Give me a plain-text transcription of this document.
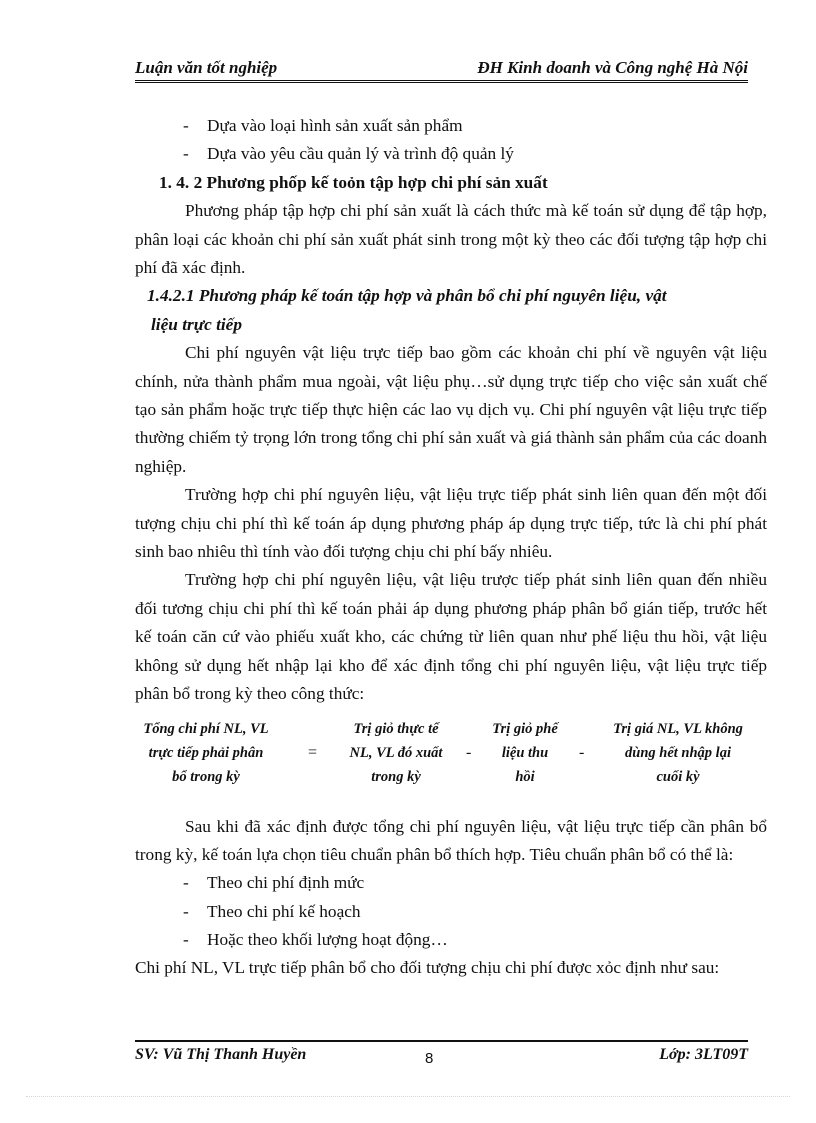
Luận văn tốt nghiệp	ĐH Kinh doanh và Công nghệ Hà Nội

- Dựa vào loại hình sản xuất sản phẩm

- Dựa vào yêu cầu quản lý và trình độ quản lý

1. 4. 2 Phương phốp kế toỏn tập hợp chi phí sản xuất

Phương pháp tập hợp chi phí sản xuất là cách thức mà kế toán sử dụng để tập hợp, phân loại các khoản chi phí sản xuất phát sinh trong một kỳ theo các đối tượng tập hợp chi phí đã xác định.

1.4.2.1 Phương pháp kế toán tập hợp và phân bổ chi phí nguyên liệu, vật
liệu trực tiếp

Chi phí nguyên vật liệu trực tiếp bao gồm các khoản chi phí về nguyên vật liệu chính, nửa thành phẩm mua ngoài, vật liệu phụ…sử dụng trực tiếp cho việc sản xuất chế tạo sản phẩm hoặc trực tiếp thực hiện các lao vụ dịch vụ. Chi phí nguyên vật liệu trực tiếp thường chiếm tỷ trọng lớn trong tổng chi phí sản xuất và giá thành sản phẩm của các doanh nghiệp.

Trường hợp chi phí nguyên liệu, vật liệu trực tiếp phát sinh liên quan đến một đối tượng chịu chi phí thì kế toán áp dụng phương pháp áp dụng trực tiếp, tức là chi phí phát sinh bao nhiêu thì tính vào đối tượng chịu chi phí bấy nhiêu.

Trường hợp chi phí nguyên liệu, vật liệu trược tiếp phát sinh liên quan đến nhiều đối tương chịu chi phí thì kế toán phải áp dụng phương pháp phân bổ gián tiếp, trước hết kế toán căn cứ vào phiếu xuất kho, các chứng từ liên quan như phế liệu thu hồi, vật liệu không sử dụng hết nhập lại kho để xác định tổng chi phí nguyên liệu, vật liệu trực tiếp phân bổ trong kỳ theo công thức:

Tổng chi phí NL, VL
trực tiếp phải phân
bổ trong kỳ
=
Trị giỏ thực tế
NL, VL đó xuất
trong kỳ
-
Trị giỏ phế
liệu thu
hồi
-
Trị giá NL, VL không
dùng hết nhập lại
cuối kỳ

Sau khi đã xác định được tổng chi phí nguyên liệu, vật liệu trực tiếp cần phân bổ trong kỳ, kế toán lựa chọn tiêu chuẩn phân bổ thích hợp. Tiêu chuẩn phân bổ có thể là:

- Theo chi phí định mức

- Theo chi phí kế hoạch

- Hoặc theo khối lượng hoạt động…

Chi phí NL, VL trực tiếp phân bổ cho đối tượng chịu chi phí được xỏc định như sau:

SV: Vũ Thị Thanh Huyền	8	Lớp: 3LT09T
